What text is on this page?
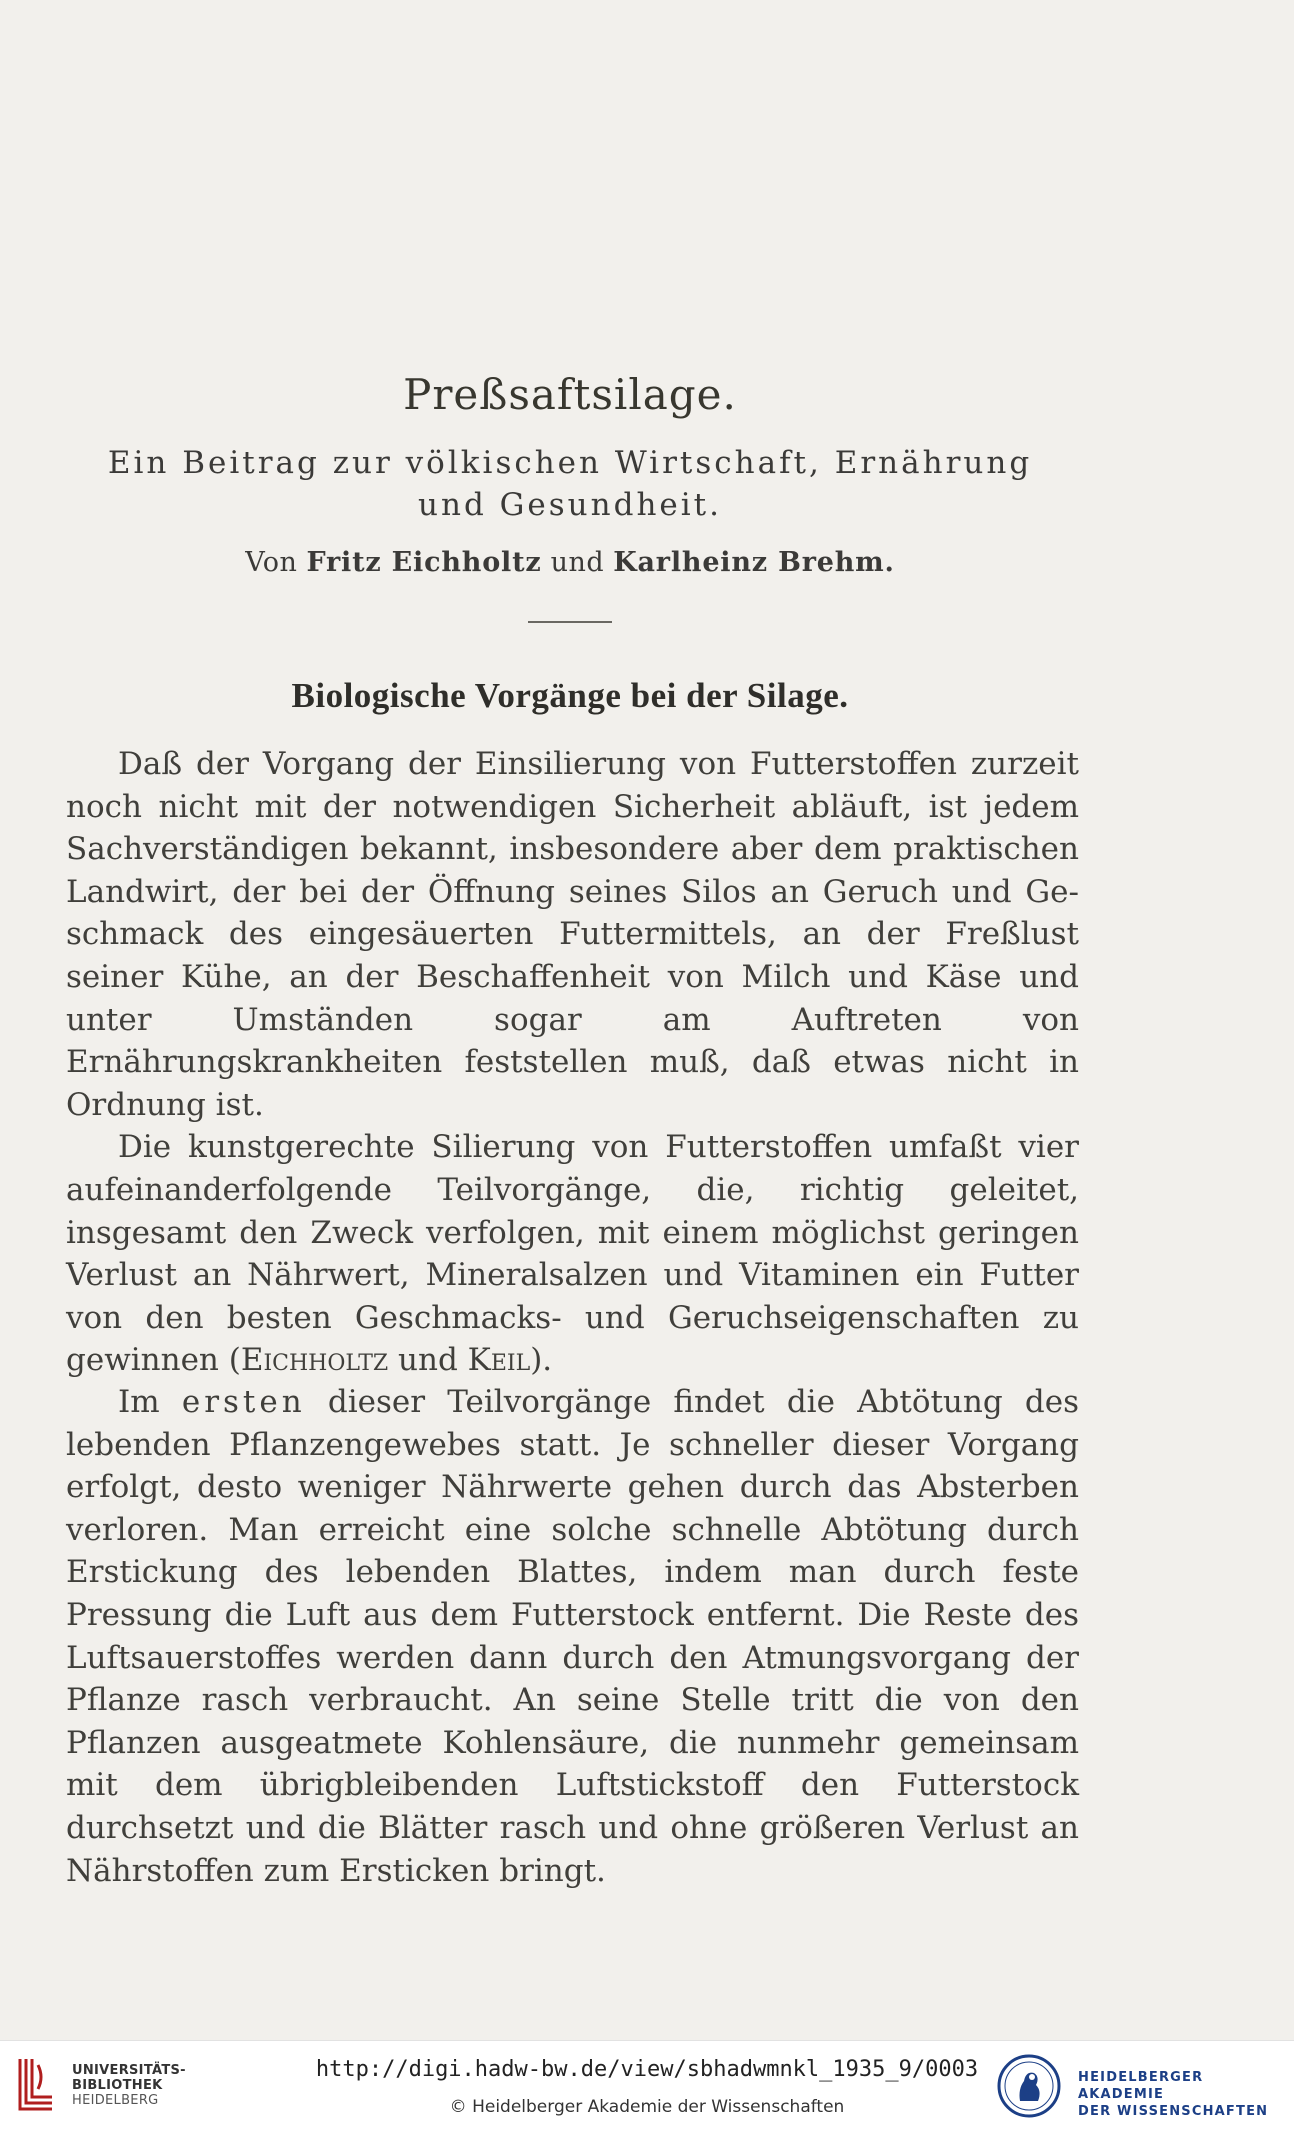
Preßsaftsilage.
Ein Beitrag zur völkischen Wirtschaft, Ernährung
und Gesundheit.
Von Fritz Eichholtz und Karlheinz Brehm.
Biologische Vorgänge bei der Silage.

Daß der Vorgang der Einsilierung von Futterstoffen zurzeit noch nicht mit der notwendigen Sicherheit abläuft, ist jedem Sachverständigen bekannt, insbesondere aber dem praktischen Landwirt, der bei der Öffnung seines Silos an Geruch und Geschmack des eingesäuerten Futtermittels, an der Freßlust seiner Kühe, an der Beschaffenheit von Milch und Käse und unter Umständen sogar am Auftreten von Ernährungskrankheiten feststellen muß, daß etwas nicht in Ordnung ist.

Die kunstgerechte Silierung von Futterstoffen umfaßt vier aufeinanderfolgende Teilvorgänge, die, richtig geleitet, insgesamt den Zweck verfolgen, mit einem möglichst geringen Verlust an Nährwert, Mineralsalzen und Vitaminen ein Futter von den besten Geschmacks- und Geruchseigenschaften zu gewinnen (Eichholtz und Keil).

Im ersten dieser Teilvorgänge findet die Abtötung des lebenden Pflanzengewebes statt. Je schneller dieser Vorgang erfolgt, desto weniger Nährwerte gehen durch das Absterben verloren. Man erreicht eine solche schnelle Abtötung durch Erstickung des lebenden Blattes, indem man durch feste Pressung die Luft aus dem Futterstock entfernt. Die Reste des Luftsauerstoffes werden dann durch den Atmungsvorgang der Pflanze rasch verbraucht. An seine Stelle tritt die von den Pflanzen ausgeatmete Kohlensäure, die nunmehr gemeinsam mit dem übrigbleibenden Luftstickstoff den Futterstock durchsetzt und die Blätter rasch und ohne größeren Verlust an Nährstoffen zum Ersticken bringt.

UNIVERSITÄTS-
BIBLIOTHEK
HEIDELBERG
http://digi.hadw-bw.de/view/sbhadwmnkl_1935_9/0003
© Heidelberger Akademie der Wissenschaften
HEIDELBERGER AKADEMIE
DER WISSENSCHAFTEN
